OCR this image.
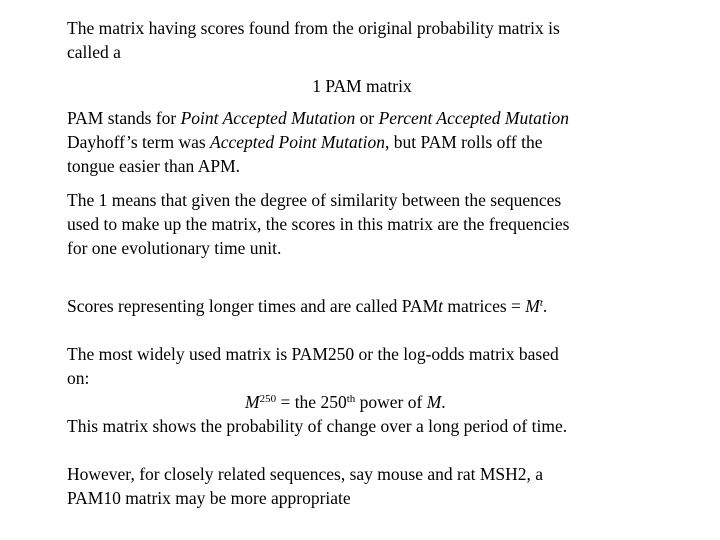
The matrix having scores found from the original probability matrix is
called a
1 PAM matrix
PAM stands for Point Accepted Mutation or Percent Accepted Mutation
Dayhoff’s term was Accepted Point Mutation, but PAM rolls off the
tongue easier than APM.
The 1 means that given the degree of similarity between the sequences
used to make up the matrix, the scores in this matrix are the frequencies
for one evolutionary time unit.
Scores representing longer times and are called PAMt matrices = $M^t$.
The most widely used matrix is PAM250 or the log-odds matrix based
on:
$M^{250}$ = the 250th power of M.
This matrix shows the probability of change over a long period of time.
However, for closely related sequences, say mouse and rat MSH2, a
PAM10 matrix may be more appropriate
